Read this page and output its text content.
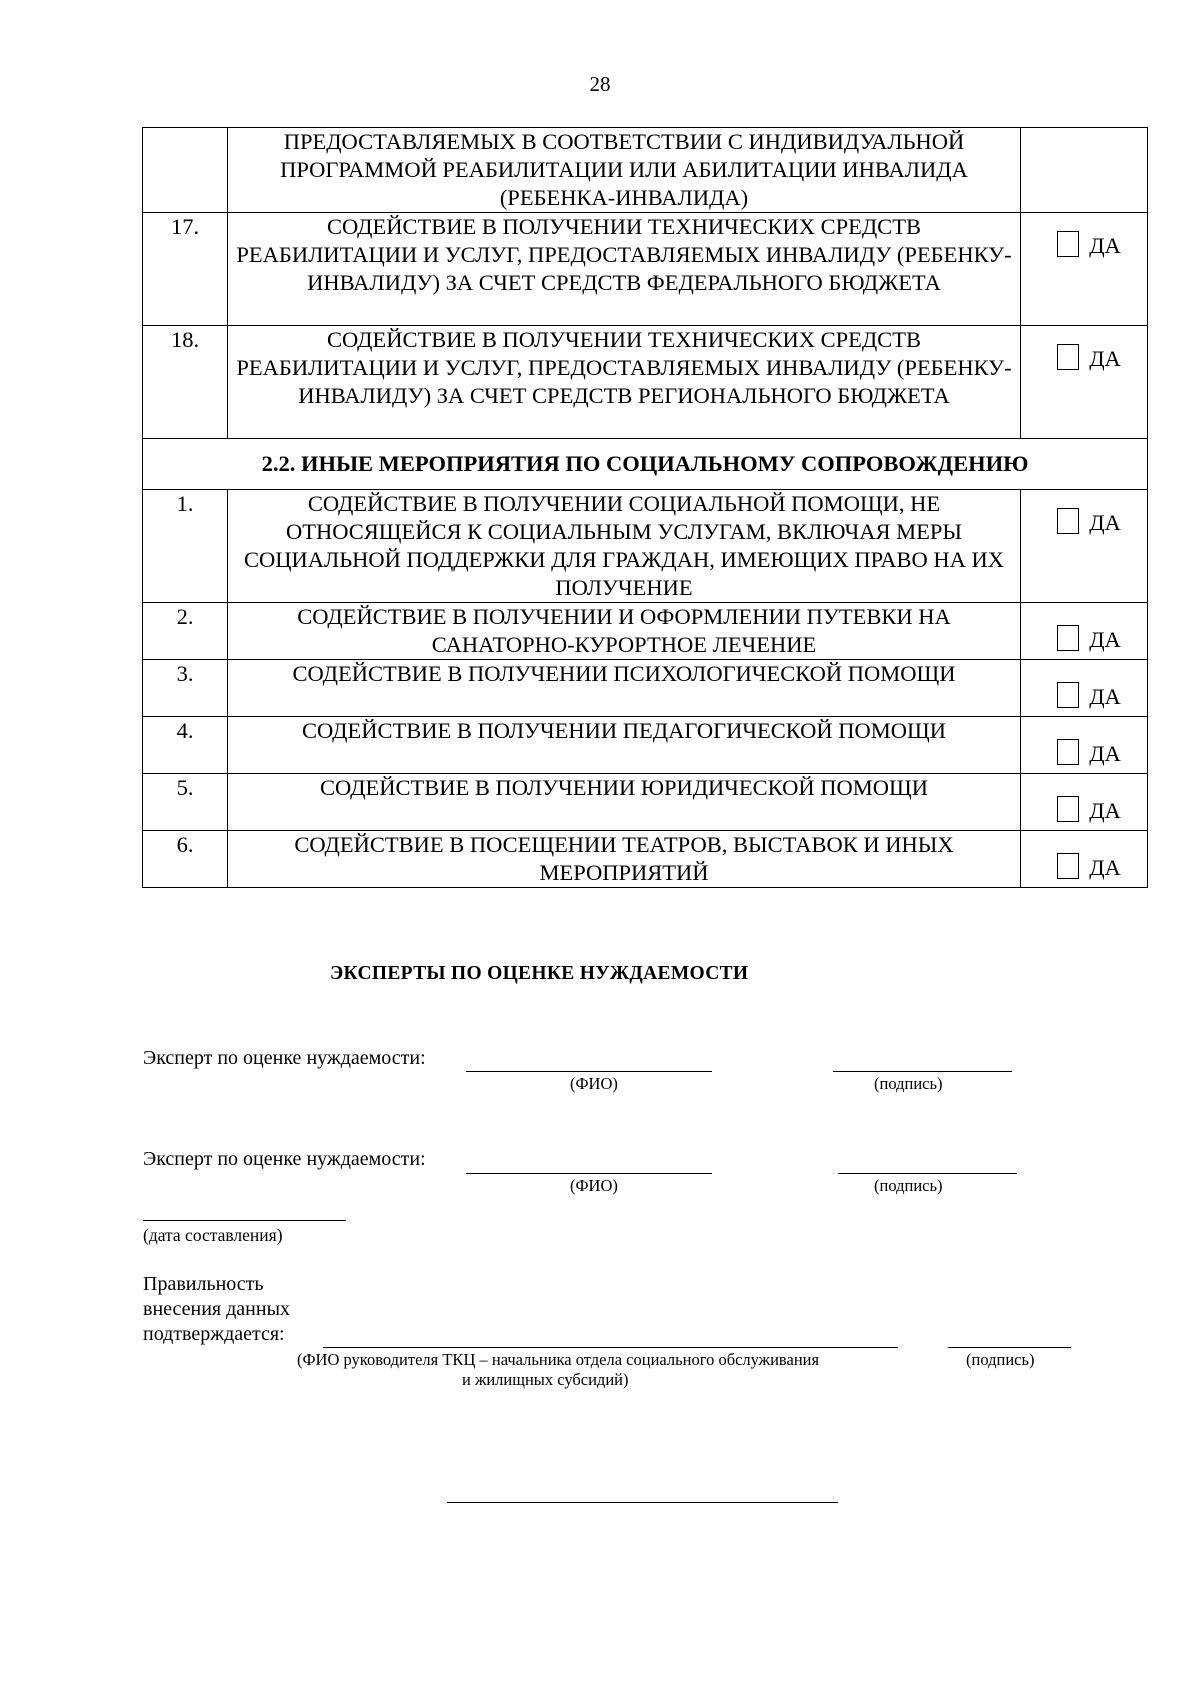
28
	ПРЕДОСТАВЛЯЕМЫХ В СООТВЕТСТВИИ С ИНДИВИДУАЛЬНОЙ ПРОГРАММОЙ РЕАБИЛИТАЦИИ ИЛИ АБИЛИТАЦИИ ИНВАЛИДА (РЕБЕНКА-ИНВАЛИДА)	
17.	СОДЕЙСТВИЕ В ПОЛУЧЕНИИ ТЕХНИЧЕСКИХ СРЕДСТВ РЕАБИЛИТАЦИИ И УСЛУГ, ПРЕДОСТАВЛЯЕМЫХ ИНВАЛИДУ (РЕБЕНКУ-ИНВАЛИДУ) ЗА СЧЕТ СРЕДСТВ ФЕДЕРАЛЬНОГО БЮДЖЕТА	ДА

18.	СОДЕЙСТВИЕ В ПОЛУЧЕНИИ ТЕХНИЧЕСКИХ СРЕДСТВ РЕАБИЛИТАЦИИ И УСЛУГ, ПРЕДОСТАВЛЯЕМЫХ ИНВАЛИДУ (РЕБЕНКУ-ИНВАЛИДУ) ЗА СЧЕТ СРЕДСТВ РЕГИОНАЛЬНОГО БЮДЖЕТА	ДА

2.2. ИНЫЕ МЕРОПРИЯТИЯ ПО СОЦИАЛЬНОМУ СОПРОВОЖДЕНИЮ		
1.	СОДЕЙСТВИЕ В ПОЛУЧЕНИИ СОЦИАЛЬНОЙ ПОМОЩИ, НЕ ОТНОСЯЩЕЙСЯ К СОЦИАЛЬНЫМ УСЛУГАМ, ВКЛЮЧАЯ МЕРЫ СОЦИАЛЬНОЙ ПОДДЕРЖКИ ДЛЯ ГРАЖДАН, ИМЕЮЩИХ ПРАВО НА ИХ ПОЛУЧЕНИЕ	ДА

2.	СОДЕЙСТВИЕ В ПОЛУЧЕНИИ И ОФОРМЛЕНИИ ПУТЕВКИ НА САНАТОРНО-КУРОРТНОЕ ЛЕЧЕНИЕ	ДА

3.	СОДЕЙСТВИЕ В ПОЛУЧЕНИИ ПСИХОЛОГИЧЕСКОЙ ПОМОЩИ	ДА

4.	СОДЕЙСТВИЕ В ПОЛУЧЕНИИ ПЕДАГОГИЧЕСКОЙ ПОМОЩИ	ДА

5.	СОДЕЙСТВИЕ В ПОЛУЧЕНИИ ЮРИДИЧЕСКОЙ ПОМОЩИ	ДА

6.	СОДЕЙСТВИЕ В ПОСЕЩЕНИИ ТЕАТРОВ, ВЫСТАВОК И ИНЫХ МЕРОПРИЯТИЙ	ДА
ЭКСПЕРТЫ ПО ОЦЕНКЕ НУЖДАЕМОСТИ
Эксперт по оценке нуждаемости:
(ФИО)	(подпись)
Эксперт по оценке нуждаемости:
(ФИО)	(подпись)
(дата составления)
Правильность
внесения данных
подтверждается:
(ФИО руководителя ТКЦ – начальника отдела социального обслуживания
и жилищных субсидий)
(подпись)
